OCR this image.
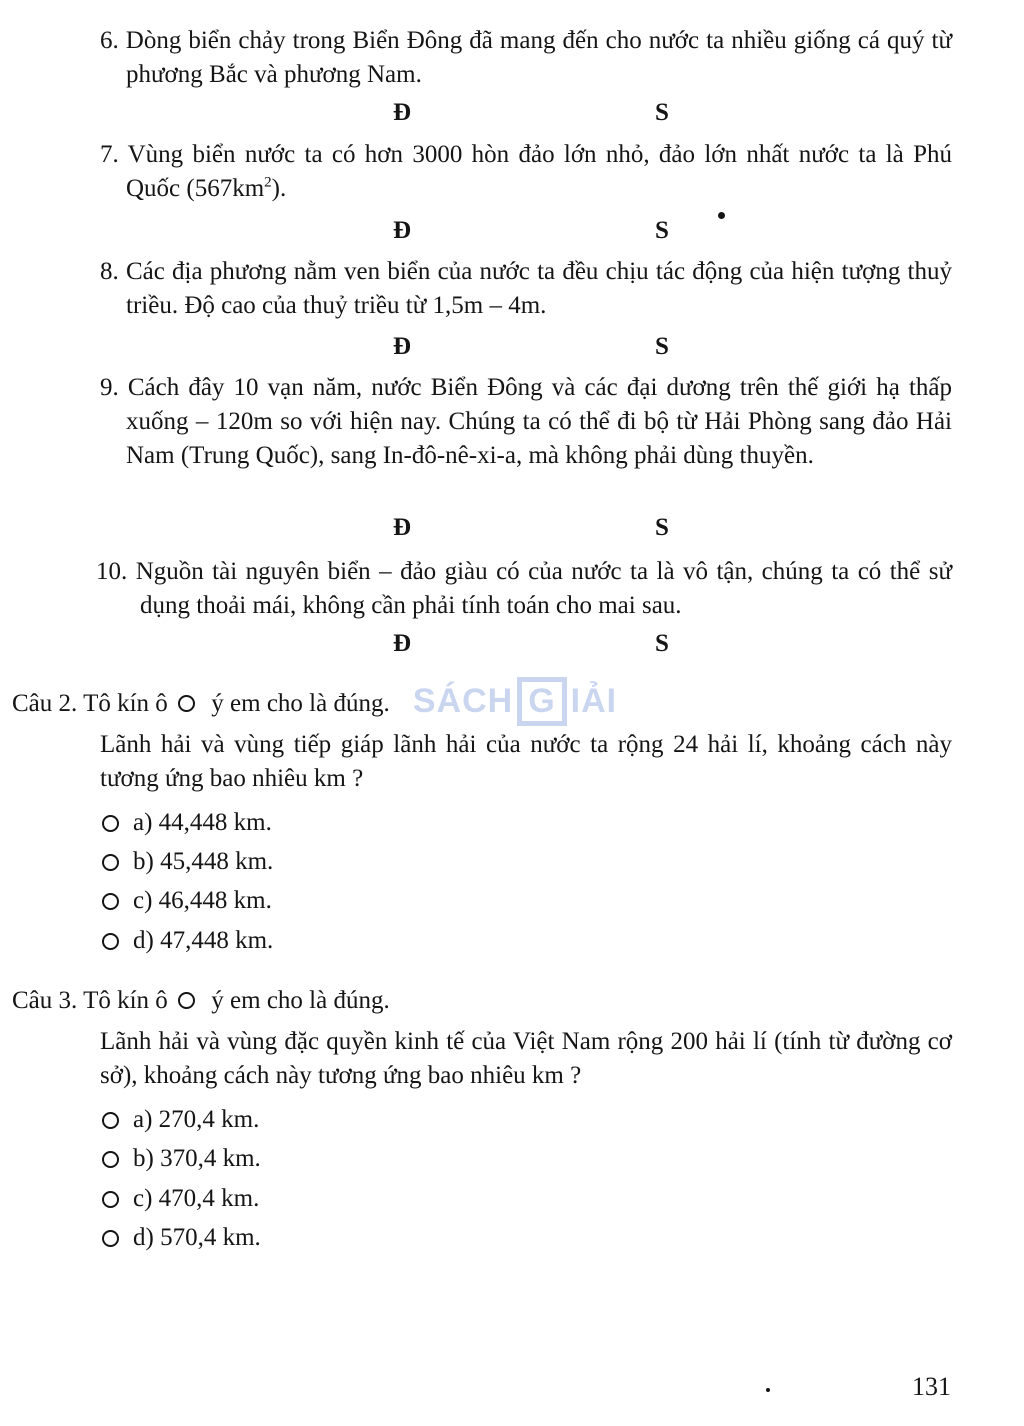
6. Dòng biển chảy trong Biển Đông đã mang đến cho nước ta nhiều giống cá quý từ phương Bắc và phương Nam.

Đ	S

7. Vùng biển nước ta có hơn 3000 hòn đảo lớn nhỏ, đảo lớn nhất nước ta là Phú Quốc $(567km^2)$.

Đ	S

8. Các địa phương nằm ven biển của nước ta đều chịu tác động của hiện tượng thuỷ triều. Độ cao của thuỷ triều từ 1,5m – 4m.

Đ	S

9. Cách đây 10 vạn năm, nước Biển Đông và các đại dương trên thế giới hạ thấp xuống – 120m so với hiện nay. Chúng ta có thể đi bộ từ Hải Phòng sang đảo Hải Nam (Trung Quốc), sang In-đô-nê-xi-a, mà không phải dùng thuyền.

Đ	S

10. Nguồn tài nguyên biển – đảo giàu có của nước ta là vô tận, chúng ta có thể sử dụng thoải mái, không cần phải tính toán cho mai sau.

Đ	S
SÁCH G IẢI
Câu 2. Tô kín ô ý em cho là đúng.

Lãnh hải và vùng tiếp giáp lãnh hải của nước ta rộng 24 hải lí, khoảng cách này tương ứng bao nhiêu km ?

a) 44,448 km.
b) 45,448 km.
c) 46,448 km.
d) 47,448 km.
Câu 3. Tô kín ô ý em cho là đúng.

Lãnh hải và vùng đặc quyền kinh tế của Việt Nam rộng 200 hải lí (tính từ đường cơ sở), khoảng cách này tương ứng bao nhiêu km ?

a) 270,4 km.
b) 370,4 km.
c) 470,4 km.
d) 570,4 km.
131
